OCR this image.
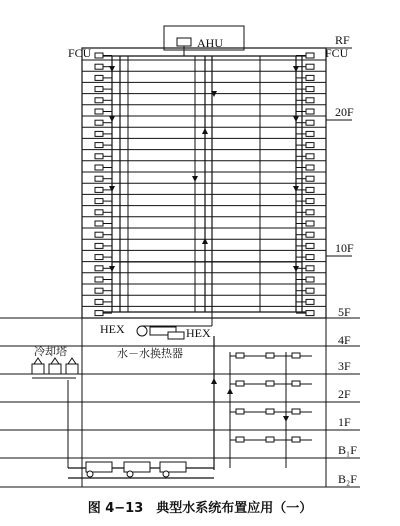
AHU
FCU	FCU
HEX	HEX
水－水换热器
冷却塔
RF
20F
10F
5F
4F
3F
2F
1F
B₁F
B₂F
图 4−13　典型水系统布置应用（一）
